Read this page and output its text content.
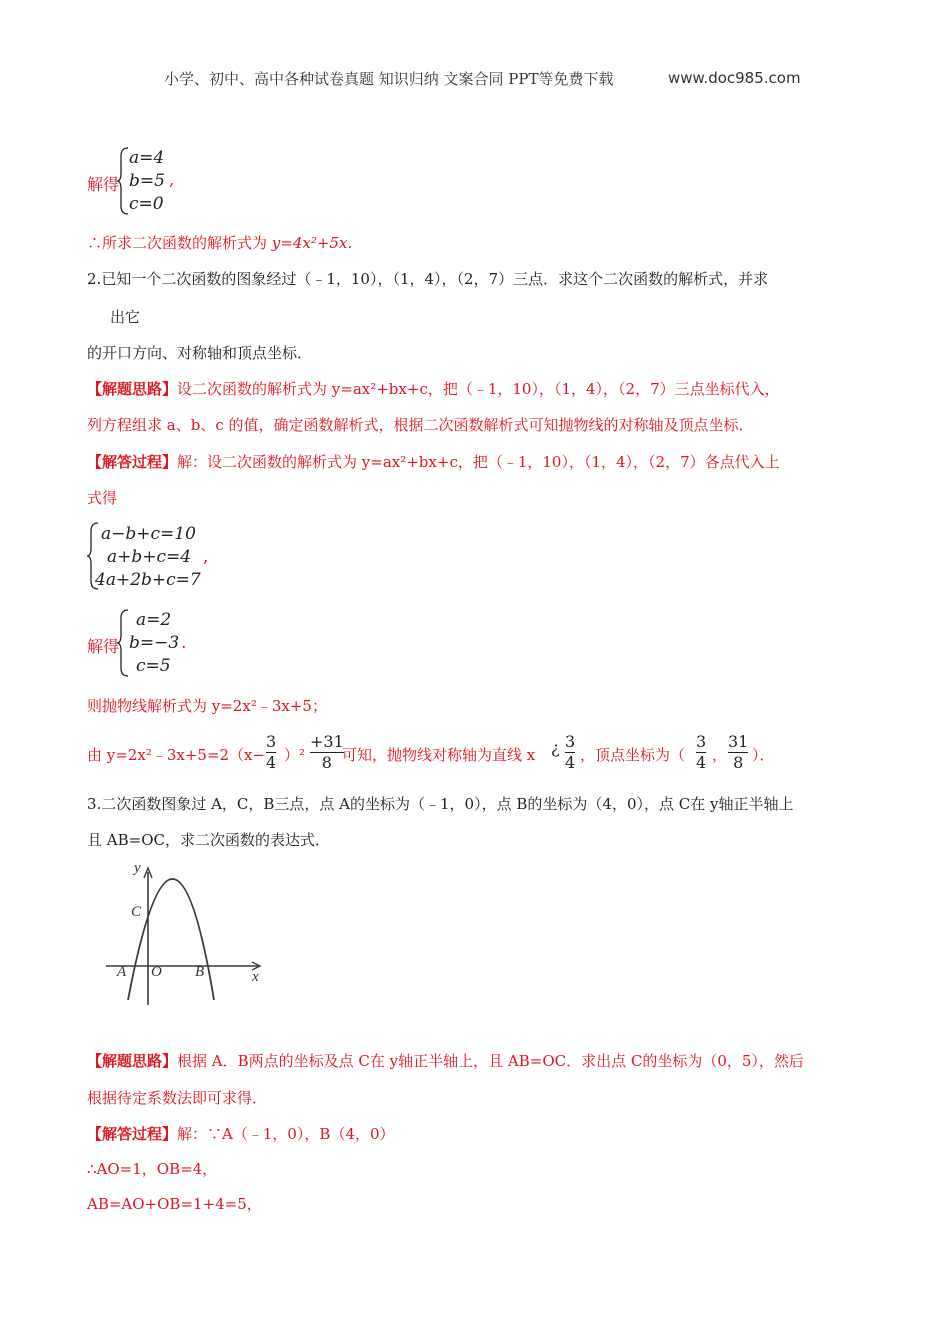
小学、初中、高中各种试卷真题 知识归纳 文案合同 PPT等免费下载	www.doc985.com
解得
a=4
b=5 ,
c=0
∴所求二次函数的解析式为 y=4x²+5x.
2.已知一个二次函数的图象经过（﹣1，10），（1，4），（2，7）三点．求这个二次函数的解析式，并求
出它
的开口方向、对称轴和顶点坐标．
【解题思路】设二次函数的解析式为 y=ax²+bx+c，把（﹣1，10），（1，4），（2，7）三点坐标代入，
列方程组求 a、b、c 的值，确定函数解析式，根据二次函数解析式可知抛物线的对称轴及顶点坐标．
【解答过程】解：设二次函数的解析式为 y=ax²+bx+c，把（﹣1，10），（1，4），（2，7）各点代入上
式得
a−b+c=10
a+b+c=4 ,
4a+2b+c=7
解得
a=2
b=−3 .
c=5
则抛物线解析式为 y=2x²﹣3x+5；
由 y=2x²﹣3x+5=2（x−
3
4 ）²
+31
8 可知，抛物线对称轴为直线 x ¿ 3
4 ，顶点坐标为（
3
4 ，
31
8 ）．
3.二次函数图象过 A，C，B三点，点 A的坐标为（﹣1，0），点 B的坐标为（4，0），点 C在 y轴正半轴上
且 AB=OC，求二次函数的表达式．
y
x
C
A O B
【解题思路】根据 A．B两点的坐标及点 C在 y轴正半轴上，且 AB=OC．求出点 C的坐标为（0，5），然后
根据待定系数法即可求得．
【解答过程】解：∵A（﹣1，0），B（4，0）
∴AO=1，OB=4，
AB=AO+OB=1+4=5，
